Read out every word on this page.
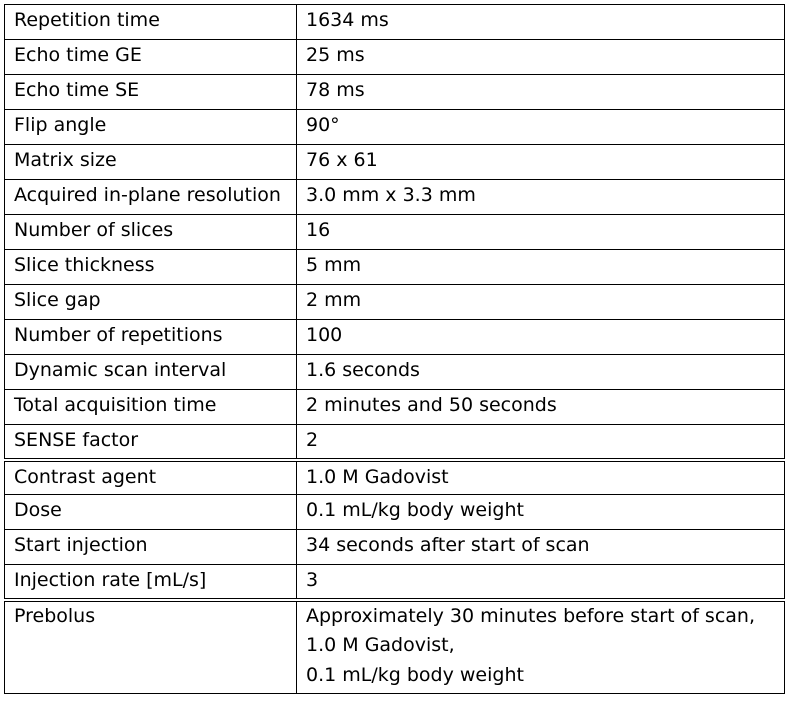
Repetition time	1634 ms
Echo time GE	25 ms
Echo time SE	78 ms
Flip angle	90°
Matrix size	76 x 61
Acquired in-plane resolution	3.0 mm x 3.3 mm
Number of slices	16
Slice thickness	5 mm
Slice gap	2 mm
Number of repetitions	100
Dynamic scan interval	1.6 seconds
Total acquisition time	2 minutes and 50 seconds
SENSE factor	2
Contrast agent	1.0 M Gadovist
Dose	0.1 mL/kg body weight
Start injection	34 seconds after start of scan
Injection rate [mL/s]	3
Prebolus	Approximately 30 minutes before start of scan,
1.0 M Gadovist,
0.1 mL/kg body weight
